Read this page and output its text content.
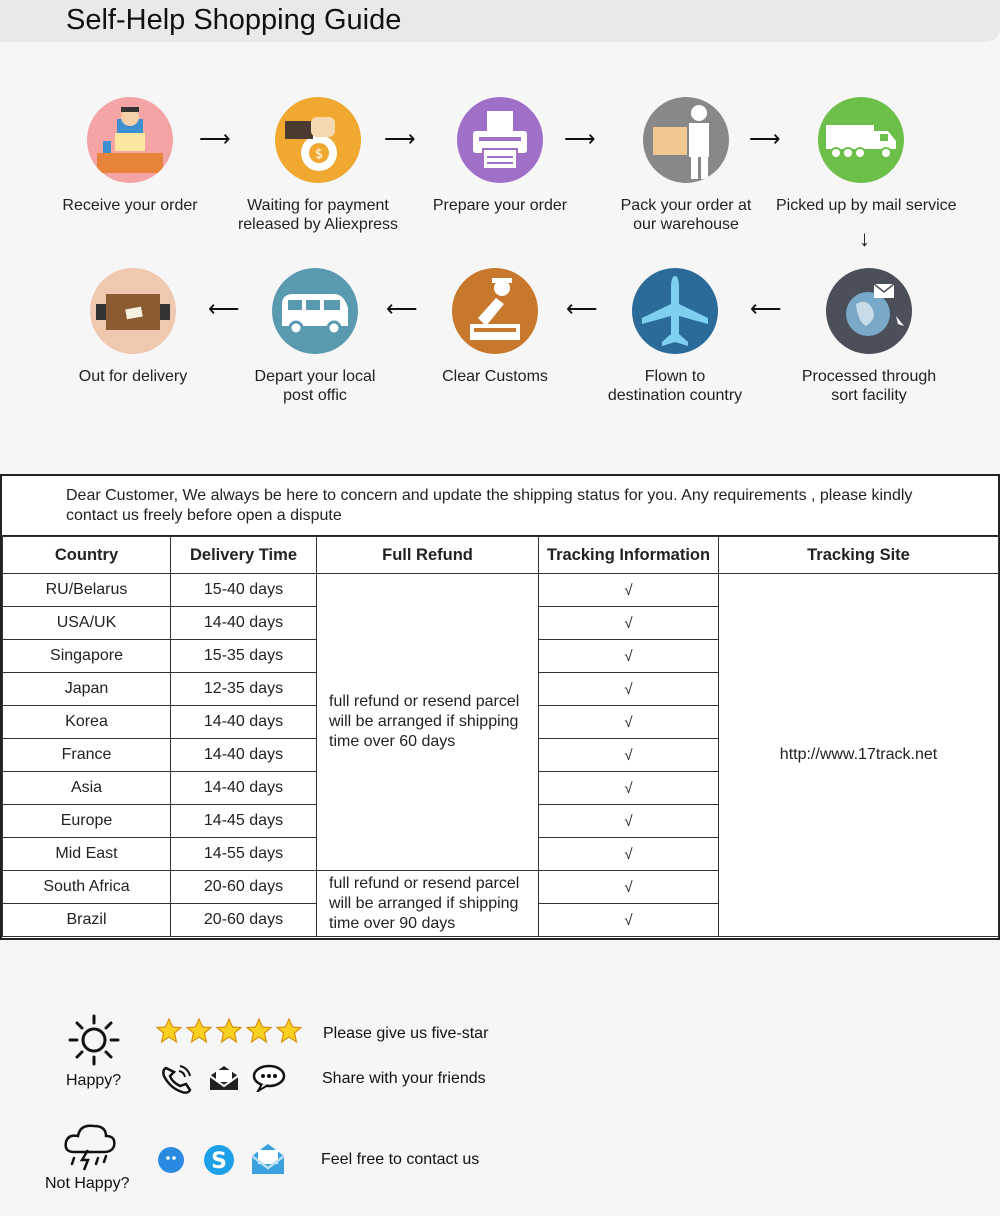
Self-Help Shopping Guide
Receive your order
⟶
$
Waiting for payment
released by Aliexpress
⟶
Prepare your order
⟶
Pack your order at
our warehouse
⟶
Picked up by mail service
↓
Processed through
sort facility
⟵
Flown to
destination country
⟵
Clear Customs
⟵
Depart your local
post offic
⟵
Out for delivery
Dear Customer, We always be here to concern and update the shipping status for you. Any requirements , please kindly contact us freely before open a dispute
Country	Delivery Time	Full Refund	Tracking Information	Tracking Site
RU/Belarus	15-40 days	full refund or resend parcel will be arranged if shipping time over 60 days	√	http://www.17track.net
USA/UK	14-40 days		√	
Singapore	15-35 days		√	
Japan	12-35 days		√	
Korea	14-40 days		√	
France	14-40 days		√	
Asia	14-40 days		√	
Europe	14-45 days		√	
Mid East	14-55 days		√	
South Africa	20-60 days	full refund or resend parcel will be arranged if shipping time over 90 days	√	
Brazil	20-60 days		√	
Happy?
Please give us five-star
Share with your friends
Not Happy?
S	Feel free to contact us
